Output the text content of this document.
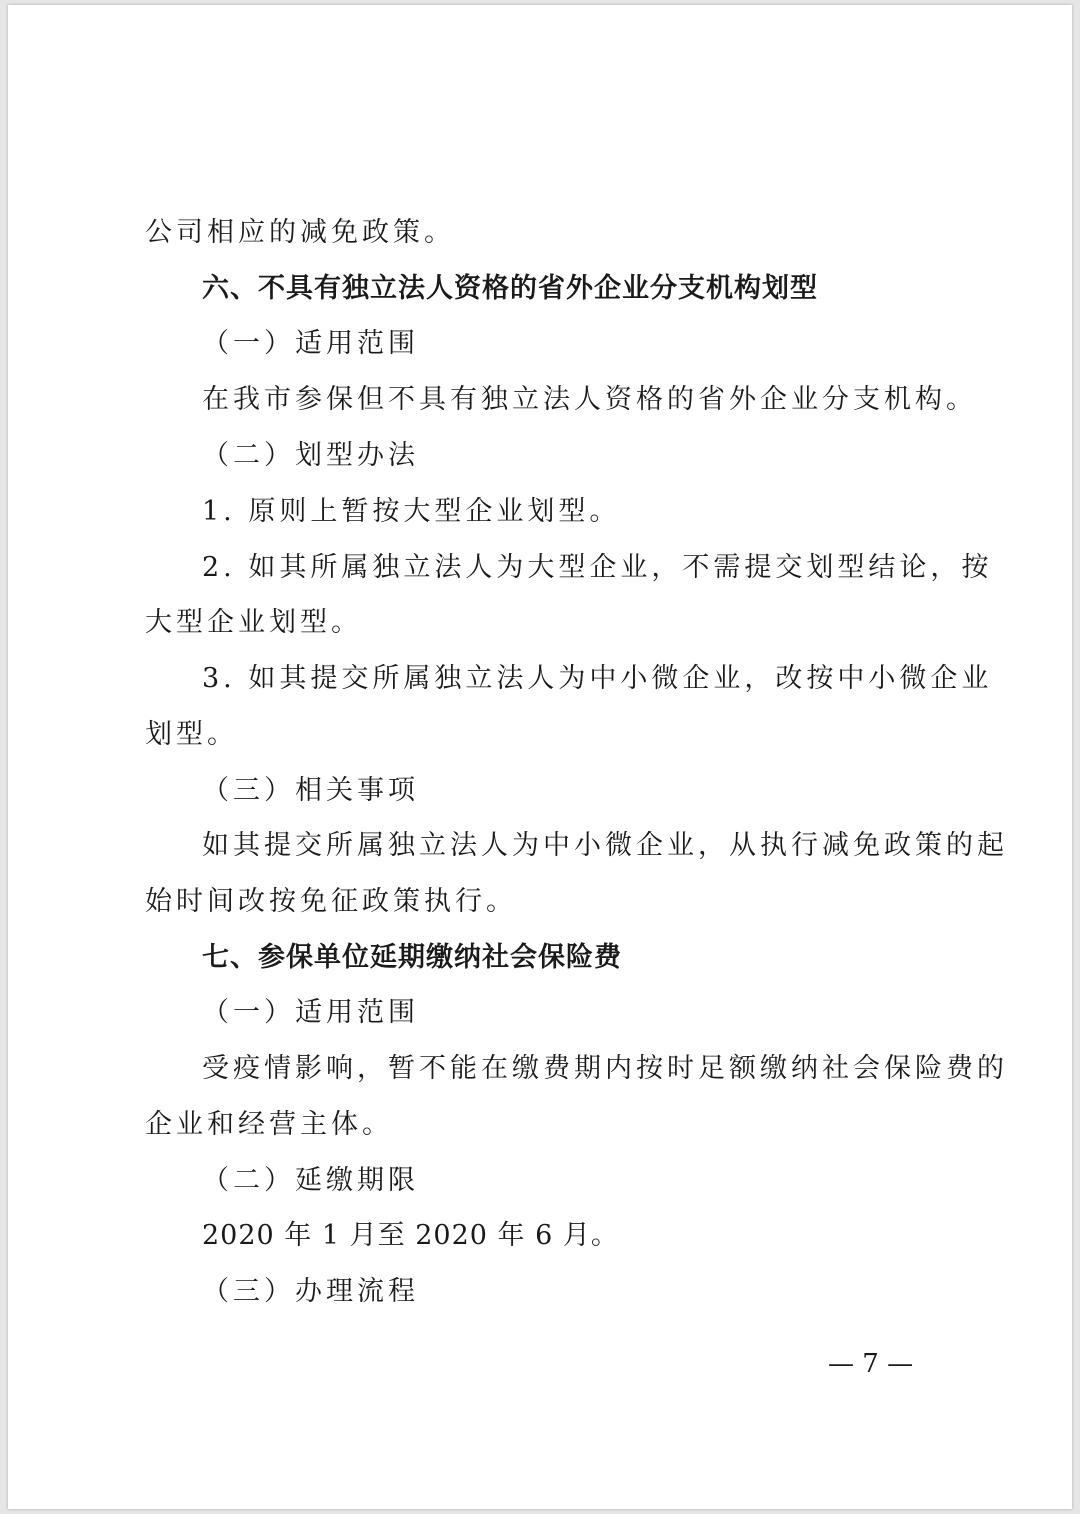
公司相应的减免政策。
六、不具有独立法人资格的省外企业分支机构划型
（一）适用范围
在我市参保但不具有独立法人资格的省外企业分支机构。
（二）划型办法
1. 原则上暂按大型企业划型。
2. 如其所属独立法人为大型企业，不需提交划型结论，按
大型企业划型。
3. 如其提交所属独立法人为中小微企业，改按中小微企业
划型。
（三）相关事项
如其提交所属独立法人为中小微企业，从执行减免政策的起
始时间改按免征政策执行。
七、参保单位延期缴纳社会保险费
（一）适用范围
受疫情影响，暂不能在缴费期内按时足额缴纳社会保险费的
企业和经营主体。
（二）延缴期限
2020 年 1 月至 2020 年 6 月。
（三）办理流程
— 7 —
